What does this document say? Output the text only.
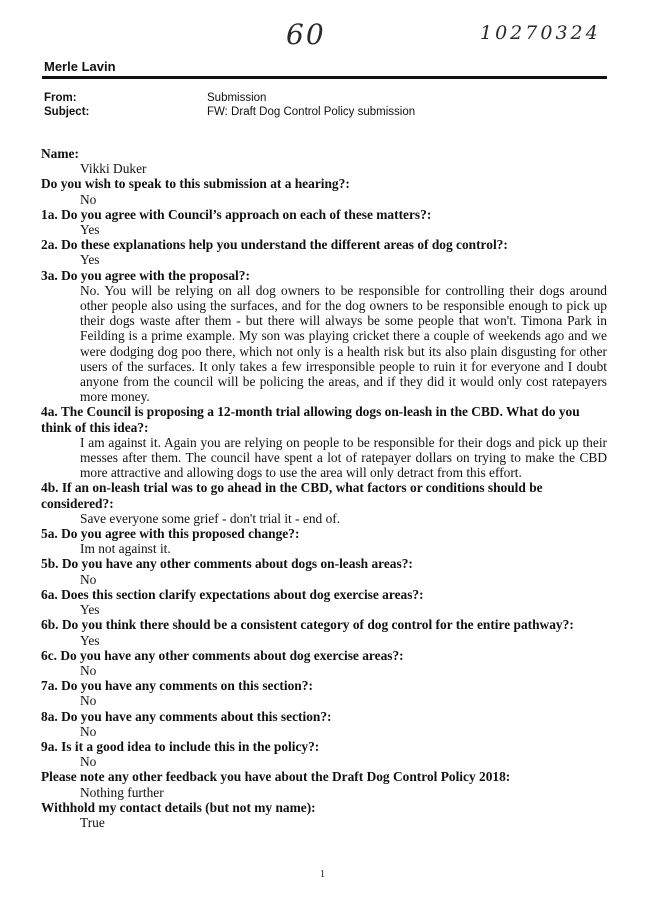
60	10270324
Merle Lavin
From:	Submission
Subject:	FW: Draft Dog Control Policy submission

Name:

Vikki Duker

Do you wish to speak to this submission at a hearing?:

No

1a. Do you agree with Council’s approach on each of these matters?:

Yes

2a. Do these explanations help you understand the different areas of dog control?:

Yes

3a. Do you agree with the proposal?:

No. You will be relying on all dog owners to be responsible for controlling their dogs around other people also using the surfaces, and for the dog owners to be responsible enough to pick up their dogs waste after them - but there will always be some people that won't. Timona Park in Feilding is a prime example. My son was playing cricket there a couple of weekends ago and we were dodging dog poo there, which not only is a health risk but its also plain disgusting for other users of the surfaces. It only takes a few irresponsible people to ruin it for everyone and I doubt anyone from the council will be policing the areas, and if they did it would only cost ratepayers more money.

4a. The Council is proposing a 12-month trial allowing dogs on-leash in the CBD. What do you think of this idea?:

I am against it. Again you are relying on people to be responsible for their dogs and pick up their messes after them. The council have spent a lot of ratepayer dollars on trying to make the CBD more attractive and allowing dogs to use the area will only detract from this effort.

4b. If an on-leash trial was to go ahead in the CBD, what factors or conditions should be considered?:

Save everyone some grief - don't trial it - end of.

5a. Do you agree with this proposed change?:

Im not against it.

5b. Do you have any other comments about dogs on-leash areas?:

No

6a. Does this section clarify expectations about dog exercise areas?:

Yes

6b. Do you think there should be a consistent category of dog control for the entire pathway?:

Yes

6c. Do you have any other comments about dog exercise areas?:

No

7a. Do you have any comments on this section?:

No

8a. Do you have any comments about this section?:

No

9a. Is it a good idea to include this in the policy?:

No

Please note any other feedback you have about the Draft Dog Control Policy 2018:

Nothing further

Withhold my contact details (but not my name):

True

1
